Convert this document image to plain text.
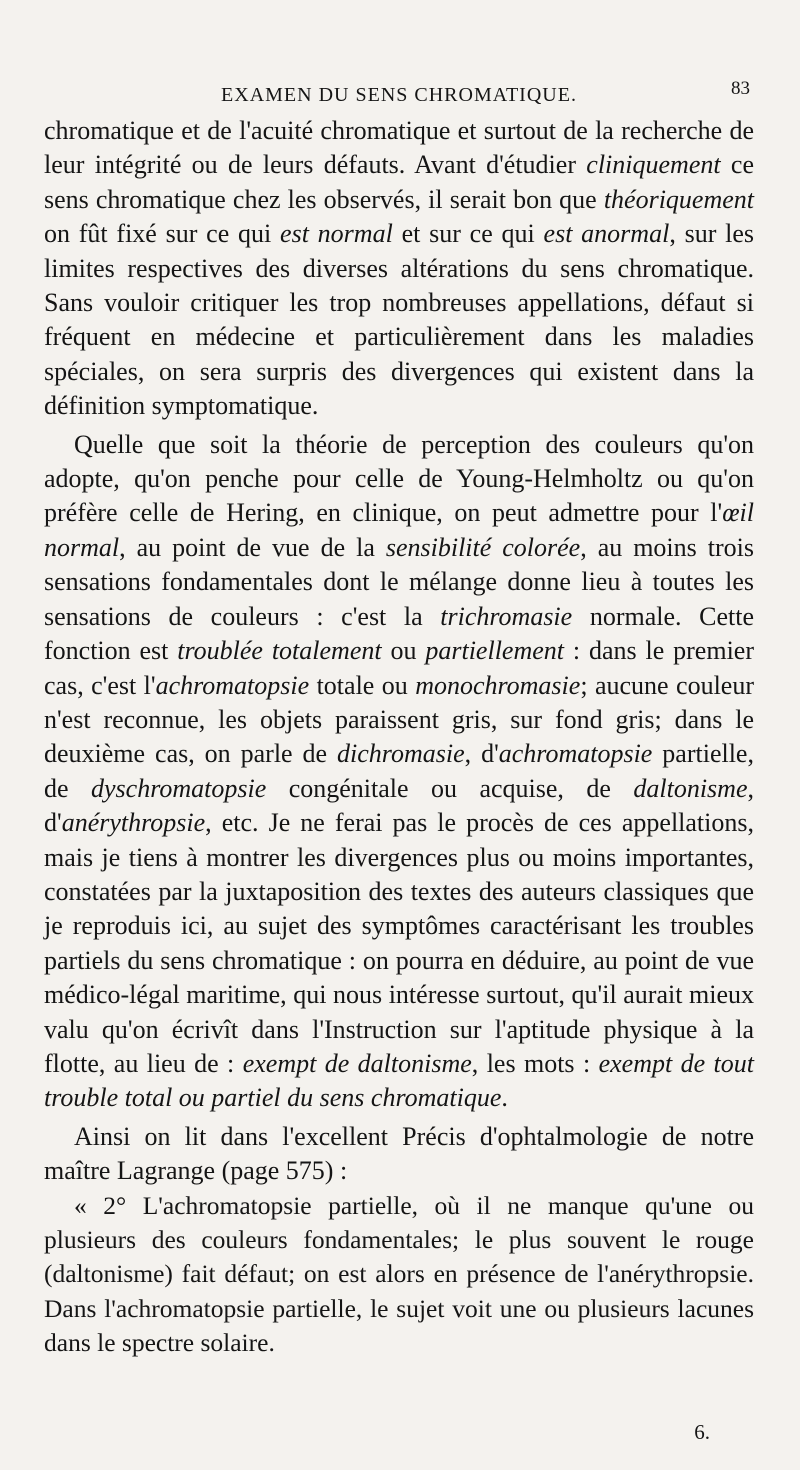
EXAMEN DU SENS CHROMATIQUE.	83

chromatique et de l'acuité chromatique et surtout de la recherche de leur intégrité ou de leurs défauts. Avant d'étudier cliniquement ce sens chromatique chez les observés, il serait bon que théoriquement on fût fixé sur ce qui est normal et sur ce qui est anormal, sur les limites respectives des diverses altérations du sens chromatique. Sans vouloir critiquer les trop nombreuses appellations, défaut si fréquent en médecine et particulièrement dans les maladies spéciales, on sera surpris des divergences qui existent dans la définition symptomatique.

Quelle que soit la théorie de perception des couleurs qu'on adopte, qu'on penche pour celle de Young-Helmholtz ou qu'on préfère celle de Hering, en clinique, on peut admettre pour l'œil normal, au point de vue de la sensibilité colorée, au moins trois sensations fondamentales dont le mélange donne lieu à toutes les sensations de couleurs : c'est la trichromasie normale. Cette fonction est troublée totalement ou partiellement : dans le premier cas, c'est l'achromatopsie totale ou monochromasie; aucune couleur n'est reconnue, les objets paraissent gris, sur fond gris; dans le deuxième cas, on parle de dichromasie, d'achromatopsie partielle, de dyschromatopsie congénitale ou acquise, de daltonisme, d'anérythropsie, etc. Je ne ferai pas le procès de ces appellations, mais je tiens à montrer les divergences plus ou moins importantes, constatées par la juxtaposition des textes des auteurs classiques que je reproduis ici, au sujet des symptômes caractérisant les troubles partiels du sens chromatique : on pourra en déduire, au point de vue médico-légal maritime, qui nous intéresse surtout, qu'il aurait mieux valu qu'on écrivît dans l'Instruction sur l'aptitude physique à la flotte, au lieu de : exempt de daltonisme, les mots : exempt de tout trouble total ou partiel du sens chromatique.

Ainsi on lit dans l'excellent Précis d'ophtalmologie de notre maître Lagrange (page 575) :

« 2° L'achromatopsie partielle, où il ne manque qu'une ou plusieurs des couleurs fondamentales; le plus souvent le rouge (daltonisme) fait défaut; on est alors en présence de l'anérythropsie. Dans l'achromatopsie partielle, le sujet voit une ou plusieurs lacunes dans le spectre solaire.

6.
